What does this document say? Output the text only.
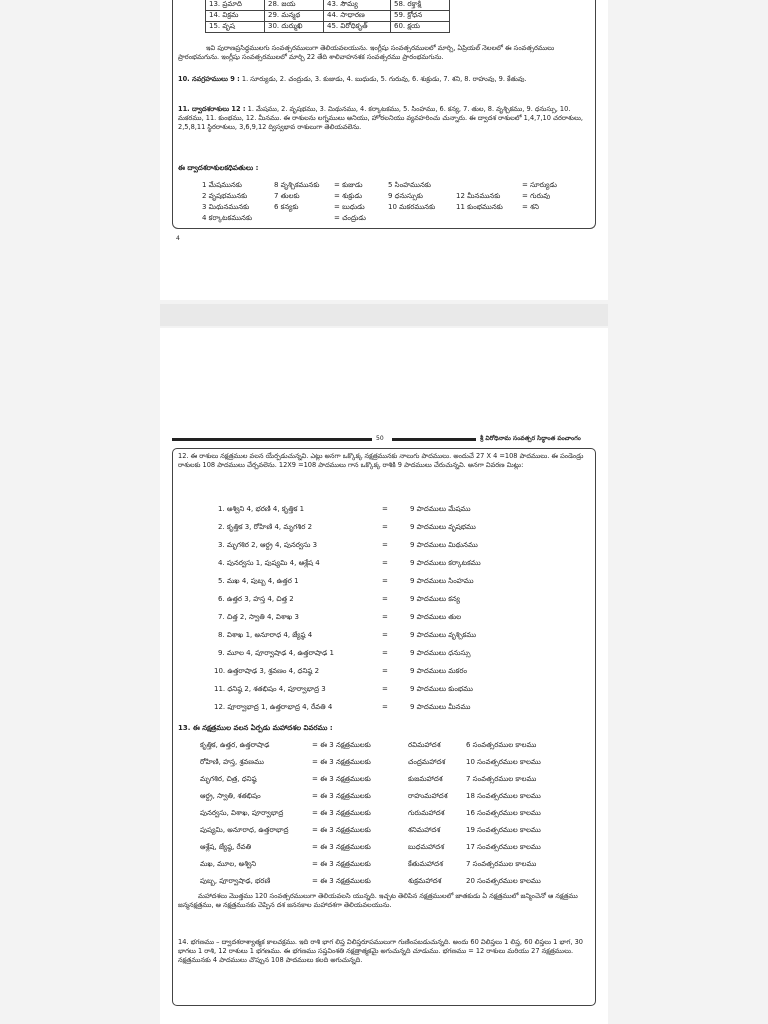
13. ప్రమాది	28. జయ	43. సౌమ్య	58. రక్తాక్షి
14. విక్రమ	29. మన్మథ	44. సాధారణ	59. క్రోధన
15. వృష	30. దుర్ముఖి	45. విరోధికృత్	60. క్షయ
ఇవి పురాణప్రసిద్ధములగు సంవత్సరములుగా తెలియవలయును. ఇంగ్లీషు సంవత్సరములలో మార్చి, ఏప్రియల్ నెలలలో ఈ సంవత్సరములు ప్రారంభమగును. ఇంగ్లీషు సంవత్సరములలో మార్చి 22 తేది శాలివాహనశక సంవత్సరము ప్రారంభమగును.
10. నవగ్రహములు 9 : 1. సూర్యుడు, 2. చంద్రుడు, 3. కుజుడు, 4. బుధుడు, 5. గురువు, 6. శుక్రుడు, 7. శని, 8. రాహువు, 9. కేతువు.
11. ద్వాదశరాశులు 12 : 1. మేషము, 2. వృషభము, 3. మిథునము, 4. కర్కాటకము, 5. సింహము, 6. కన్య, 7. తుల, 8. వృశ్చికము, 9. ధనుస్సు, 10. మకరము, 11. కుంభము, 12. మీనము. ఈ రాశులను లగ్నములు అనియు, హోరలనియు వ్యవహరించు చున్నారు. ఈ ద్వాదశ రాశులలో 1,4,7,10 చరరాశులు, 2,5,8,11 స్థిరరాశులు, 3,6,9,12 ద్విస్వభావ రాశులుగా తెలియవలెను.
ఈ ద్వాదశరాశులకధిపతులు :
1 మేషమునకు	8 వృశ్చికమునకు = కుజుడు	5 సింహమునకు	= సూర్యుడు
2 వృషభమునకు	7 తులకు	= శుక్రుడు	9 ధనుస్సుకు	12 మీనమునకు	= గురువు
3 మిథునమునకు	6 కన్యకు	= బుధుడు	10 మకరమునకు	11 కుంభమునకు	= శని
4 కర్కాటకమునకు	= చంద్రుడు
4
50	శ్రీ విరోధినామ సంవత్సర సిద్ధాంత పంచాంగం
12. ఈ రాశులు నక్షత్రముల వలన యేర్పడుచున్నవి. ఎట్లు అనగా ఒక్కొక్క నక్షత్రమునకు నాలుగు పాదములు. అందుచే 27 X 4 =108 పాదములు. ఈ పండెండ్రు రాశులకు 108 పాదములు చేర్చవలెను. 12X9 =108 పాదములు గాన ఒక్కొక్క రాశికి 9 పాదములు చేరుచున్నవి. అనగా వివరణ మిట్లు:
1. అశ్విని 4, భరణి 4, కృత్తిక 1	=	9 పాదములు మేషము
2. కృత్తిక 3, రోహిణి 4, మృగశిర 2	=	9 పాదములు వృషభము
3. మృగశిర 2, ఆర్ద్ర 4, పునర్వసు 3	=	9 పాదములు మిథునము
4. పునర్వసు 1, పుష్యమి 4, ఆశ్లేష 4	=	9 పాదములు కర్కాటకము
5. మఖ 4, పుబ్బ 4, ఉత్తర 1	=	9 పాదములు సింహము
6. ఉత్తర 3, హస్త 4, చిత్త 2	=	9 పాదములు కన్య
7. చిత్త 2, స్వాతి 4, విశాఖ 3	=	9 పాదములు తుల
8. విశాఖ 1, అనూరాధ 4, జ్యేష్ఠ 4	=	9 పాదములు వృశ్చికము
9. మూల 4, పూర్వాషాఢ 4, ఉత్తరాషాఢ 1	=	9 పాదములు ధనుస్సు
10. ఉత్తరాషాఢ 3, శ్రవణం 4, ధనిష్ఠ 2	=	9 పాదములు మకరం
11. ధనిష్ఠ 2, శతభిషం 4, పూర్వాభాద్ర 3	=	9 పాదములు కుంభము
12. పూర్వాభాద్ర 1, ఉత్తరాభాద్ర 4, రేవతి 4	=	9 పాదములు మీనము
13. ఈ నక్షత్రముల వలన ఏర్పడు మహాదశల వివరము :
కృత్తిక, ఉత్తర, ఉత్తరాషాఢ	= ఈ 3 నక్షత్రములకు	రవిమహాదశ	6 సంవత్సరముల కాలము
రోహిణి, హస్త, శ్రవణము	= ఈ 3 నక్షత్రములకు	చంద్రమహాదశ	10 సంవత్సరముల కాలము
మృగశిర, చిత్ర, ధనిష్ఠ	= ఈ 3 నక్షత్రములకు	కుజమహాదశ	7 సంవత్సరముల కాలము
ఆర్ద్ర, స్వాతి, శతభిషం	= ఈ 3 నక్షత్రములకు	రాహుమహాదశ	18 సంవత్సరముల కాలము
పునర్వసు, విశాఖ, పూర్వాభాద్ర	= ఈ 3 నక్షత్రములకు	గురుమహాదశ	16 సంవత్సరముల కాలము
పుష్యమి, అనూరాధ, ఉత్తరాభాద్ర	= ఈ 3 నక్షత్రములకు	శనిమహాదశ	19 సంవత్సరముల కాలము
ఆశ్లేష, జ్యేష్ఠ, రేవతి	= ఈ 3 నక్షత్రములకు	బుధమహాదశ	17 సంవత్సరముల కాలము
మఖ, మూల, అశ్విని	= ఈ 3 నక్షత్రములకు	కేతుమహాదశ	7 సంవత్సరముల కాలము
పుబ్బ, పూర్వాషాఢ, భరణి	= ఈ 3 నక్షత్రములకు	శుక్రమహాదశ	20 సంవత్సరముల కాలము
మహాదశలు మొత్తము 120 సంవత్సరములుగా తెలియవలసి యున్నది. ఇచ్చట తెలిపిన నక్షత్రములలో జాతకుడు ఏ నక్షత్రములో జన్మించెనో ఆ నక్షత్రము జన్మనక్షత్రము, ఆ నక్షత్రమునకు చెప్పిన దశ జననకాల మహాదశగా తెలియవలయును.
14. భగణము – ద్వాదశరాశ్యాత్మక కాలచక్రము. ఇది రాశి భాగ లిప్త విలిప్తరూపములుగా గుణింపబడుచున్నది. అందు 60 విలిప్తలు 1 లిప్త, 60 లిప్తలు 1 భాగ, 30 భాగలు 1 రాశి, 12 రాశులు 1 భగణము. ఈ భగణము సప్తవింశతి నక్షత్రాత్మకమై అగుచున్నది చూడుము. భగణము = 12 రాశులు మరియు 27 నక్షత్రములు. నక్షత్రమునకు 4 పాదములు చొప్పున 108 పాదములు కలది అగుచున్నది.
